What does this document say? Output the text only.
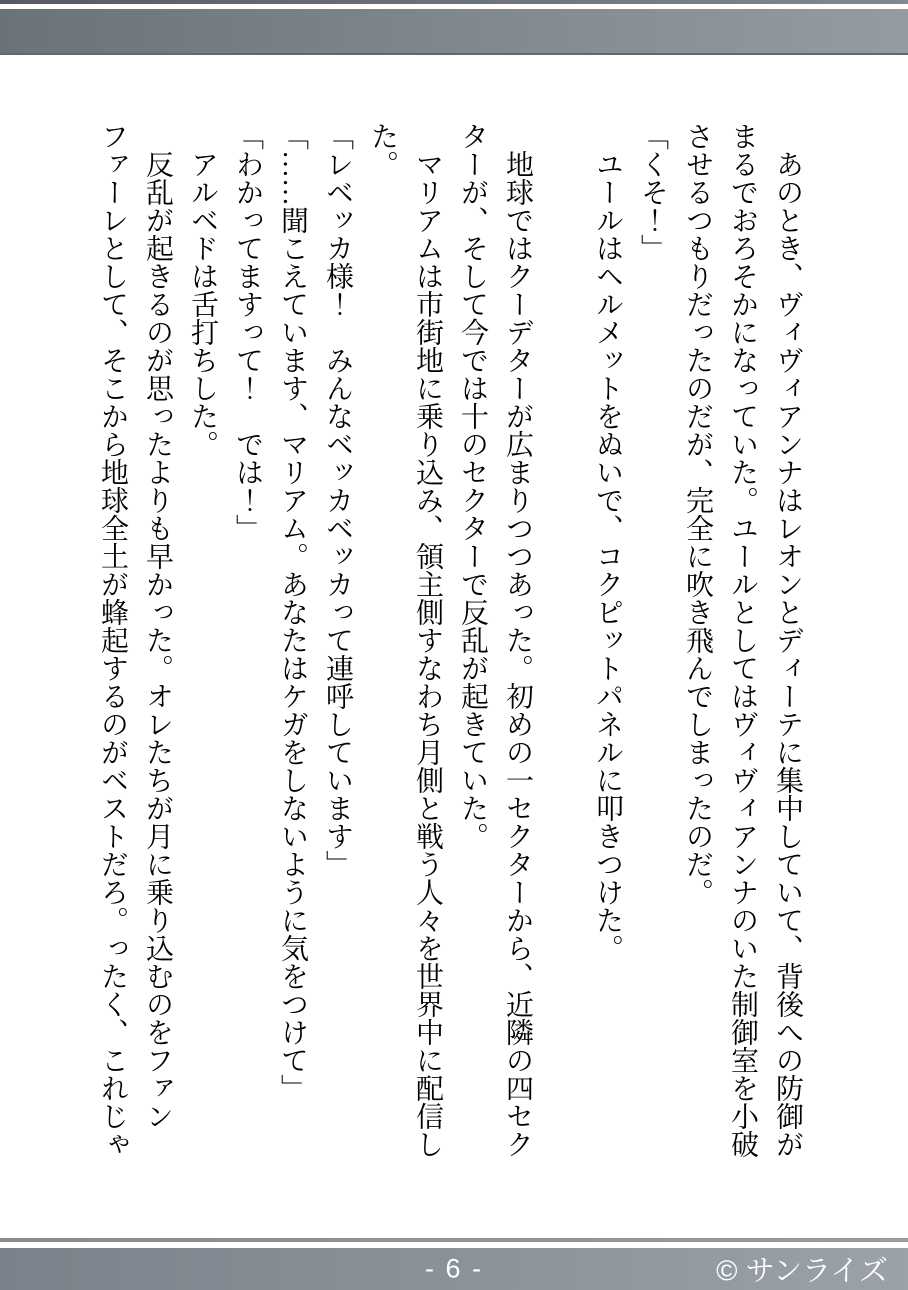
あのとき、ヴィヴィアンナはレオンとディーテに集中していて、背後への防御が

まるでおろそかになっていた。ユールとしてはヴィヴィアンナのいた制御室を小破

させるつもりだったのだが、完全に吹き飛んでしまったのだ。

「くそ！」

ユールはヘルメットをぬいで、コクピットパネルに叩きつけた。

地球ではクーデターが広まりつつあった。初めの一セクターから、近隣の四セク

ターが、そして今では十のセクターで反乱が起きていた。

マリアムは市街地に乗り込み、領主側すなわち月側と戦う人々を世界中に配信し

た。

「レベッカ様！　みんなベッカベッカって連呼しています」

「……聞こえています、マリアム。あなたはケガをしないように気をつけて」

「わかってますって！　では！」

アルベドは舌打ちした。

反乱が起きるのが思ったよりも早かった。オレたちが月に乗り込むのをファン

ファーレとして、そこから地球全土が蜂起するのがベストだろ。ったく、これじゃ

- 6 -	© サンライズ
